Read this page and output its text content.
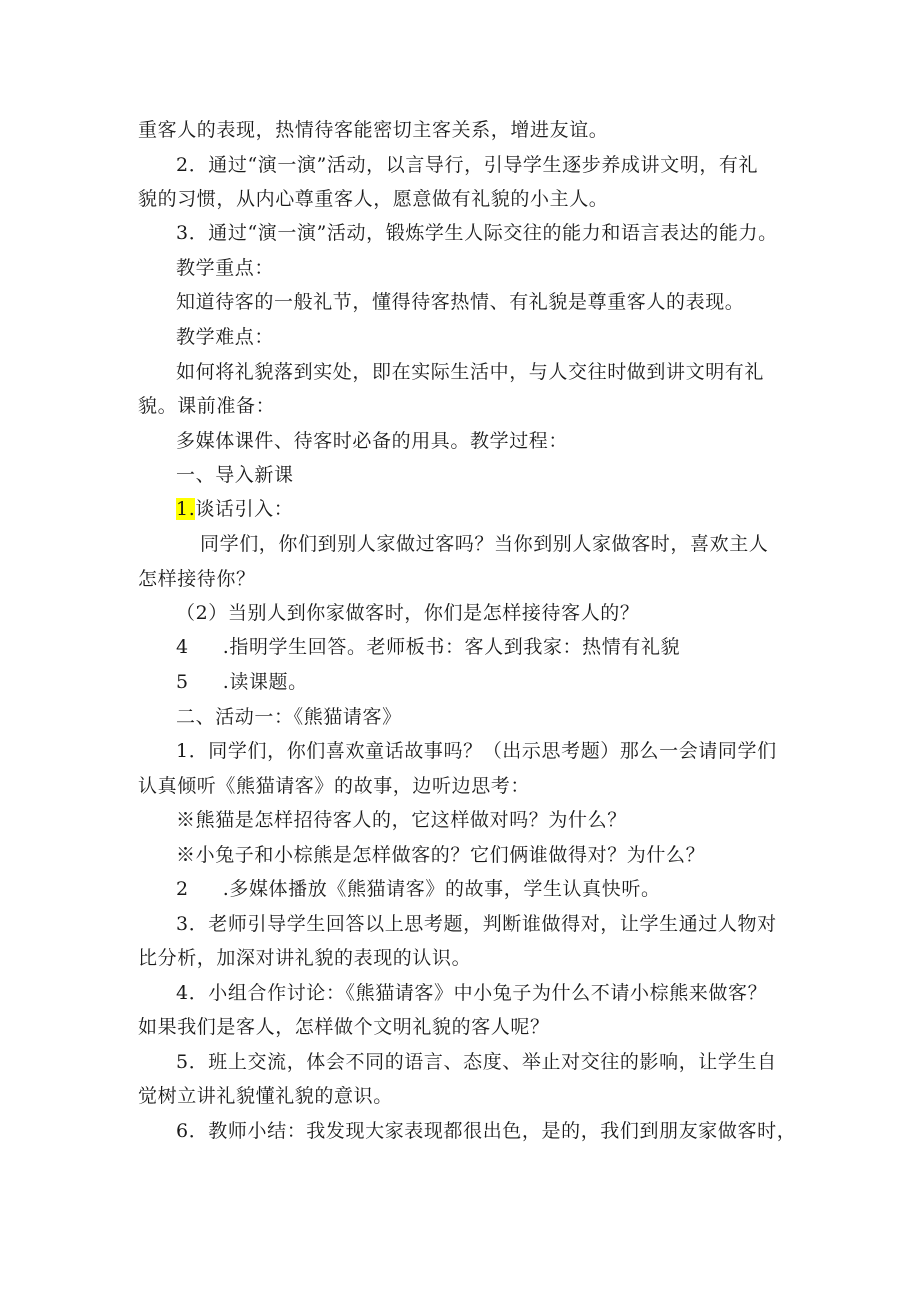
重客人的表现，热情待客能密切主客关系，增进友谊。
2．通过“演一演”活动，以言导行，引导学生逐步养成讲文明，有礼
貌的习惯，从内心尊重客人，愿意做有礼貌的小主人。
3．通过“演一演”活动，锻炼学生人际交往的能力和语言表达的能力。
教学重点：
知道待客的一般礼节，懂得待客热情、有礼貌是尊重客人的表现。
教学难点：
如何将礼貌落到实处，即在实际生活中，与人交往时做到讲文明有礼
貌。课前准备：
多媒体课件、待客时必备的用具。教学过程：
一、导入新课
1.谈话引入：
同学们，你们到别人家做过客吗？当你到别人家做客时，喜欢主人
怎样接待你？
（2）当别人到你家做客时，你们是怎样接待客人的？
4 .指明学生回答。老师板书：客人到我家：热情有礼貌
5 .读课题。
二、活动一：《熊猫请客》
1．同学们，你们喜欢童话故事吗？（出示思考题）那么一会请同学们
认真倾听《熊猫请客》的故事，边听边思考：
※熊猫是怎样招待客人的，它这样做对吗？为什么？
※小兔子和小棕熊是怎样做客的？它们俩谁做得对？为什么？
2 .多媒体播放《熊猫请客》的故事，学生认真快听。
3．老师引导学生回答以上思考题，判断谁做得对，让学生通过人物对
比分析，加深对讲礼貌的表现的认识。
4．小组合作讨论：《熊猫请客》中小兔子为什么不请小棕熊来做客？
如果我们是客人，怎样做个文明礼貌的客人呢？
5．班上交流，体会不同的语言、态度、举止对交往的影响，让学生自
觉树立讲礼貌懂礼貌的意识。
6．教师小结：我发现大家表现都很出色，是的，我们到朋友家做客时，
